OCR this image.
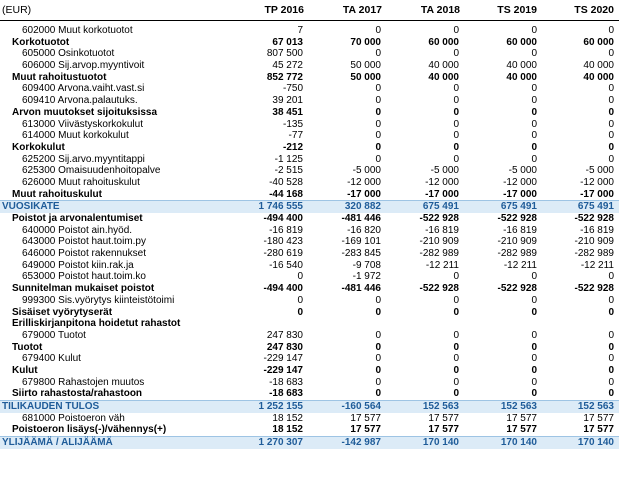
(EUR)	TP 2016	TA 2017	TA 2018	TS 2019	TS 2020
602000 Muut korkotuotot	7	0	0	0	0
Korkotuotot	67 013	70 000	60 000	60 000	60 000
605000 Osinkotuotot	807 500	0	0	0	0
606000 Sij.arvop.myyntivoit	45 272	50 000	40 000	40 000	40 000
Muut rahoitustuotot	852 772	50 000	40 000	40 000	40 000
609400 Arvona.vaiht.vast.si	-750	0	0	0	0
609410 Arvona.palautuks.	39 201	0	0	0	0
Arvon muutokset sijoituksissa	38 451	0	0	0	0
613000 Viivästyskorkokulut	-135	0	0	0	0
614000 Muut korkokulut	-77	0	0	0	0
Korkokulut	-212	0	0	0	0
625200 Sij.arvo.myyntitappi	-1 125	0	0	0	0
625300 Omaisuudenhoitopalve	-2 515	-5 000	-5 000	-5 000	-5 000
626000 Muut rahoituskulut	-40 528	-12 000	-12 000	-12 000	-12 000
Muut rahoituskulut	-44 168	-17 000	-17 000	-17 000	-17 000
VUOSIKATE	1 746 555	320 882	675 491	675 491	675 491
Poistot ja arvonalentumiset	-494 400	-481 446	-522 928	-522 928	-522 928
640000 Poistot ain.hyöd.	-16 819	-16 820	-16 819	-16 819	-16 819
643000 Poistot haut.toim.py	-180 423	-169 101	-210 909	-210 909	-210 909
646000 Poistot rakennukset	-280 619	-283 845	-282 989	-282 989	-282 989
649000 Poistot kiin.rak.ja	-16 540	-9 708	-12 211	-12 211	-12 211
653000 Poistot haut.toim.ko	0	-1 972	0	0	0
Sunnitelman mukaiset poistot	-494 400	-481 446	-522 928	-522 928	-522 928
999300 Sis.vyörytys kiinteistötoimi	0	0	0	0	0
Sisäiset vyörytyserät	0	0	0	0	0
Erilliskirjanpitona hoidetut rahastot
679000 Tuotot	247 830	0	0	0	0
Tuotot	247 830	0	0	0	0
679400 Kulut	-229 147	0	0	0	0
Kulut	-229 147	0	0	0	0
679800 Rahastojen muutos	-18 683	0	0	0	0
Siirto rahastosta/rahastoon	-18 683	0	0	0	0
TILIKAUDEN TULOS	1 252 155	-160 564	152 563	152 563	152 563
681000 Poistoeron väh	18 152	17 577	17 577	17 577	17 577
Poistoeron lisäys(-)/vähennys(+)	18 152	17 577	17 577	17 577	17 577
YLIJÄÄMÄ / ALIJÄÄMÄ	1 270 307	-142 987	170 140	170 140	170 140
